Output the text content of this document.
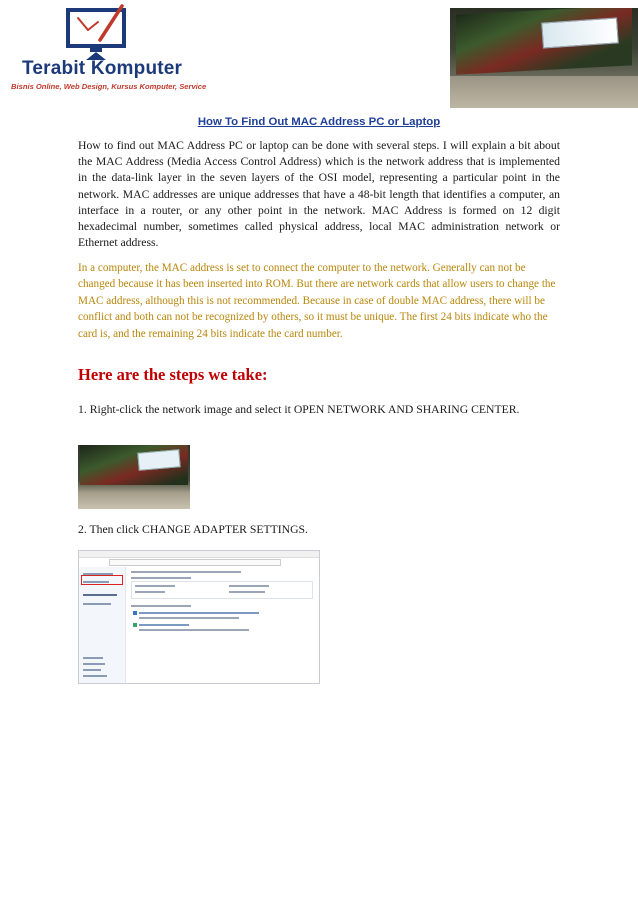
Terabit Komputer
Bisnis Online, Web Design, Kursus Komputer, Service
How To Find Out MAC Address PC or Laptop

How to find out MAC Address PC or laptop can be done with several steps. I will explain a bit about the MAC Address (Media Access Control Address) which is the network address that is implemented in the data-link layer in the seven layers of the OSI model, representing a particular point in the network. MAC addresses are unique addresses that have a 48-bit length that identifies a computer, an interface in a router, or any other point in the network. MAC Address is formed on 12 digit hexadecimal number, sometimes called physical address, local MAC administration network or Ethernet address.

In a computer, the MAC address is set to connect the computer to the network. Generally can not be changed because it has been inserted into ROM. But there are network cards that allow users to change the MAC address, although this is not recommended. Because in case of double MAC address, there will be conflict and both can not be recognized by others, so it must be unique. The first 24 bits indicate who the card is, and the remaining 24 bits indicate the card number.

Here are the steps we take:

1. Right-click the network image and select it OPEN NETWORK AND SHARING CENTER.

2. Then click CHANGE ADAPTER SETTINGS.
